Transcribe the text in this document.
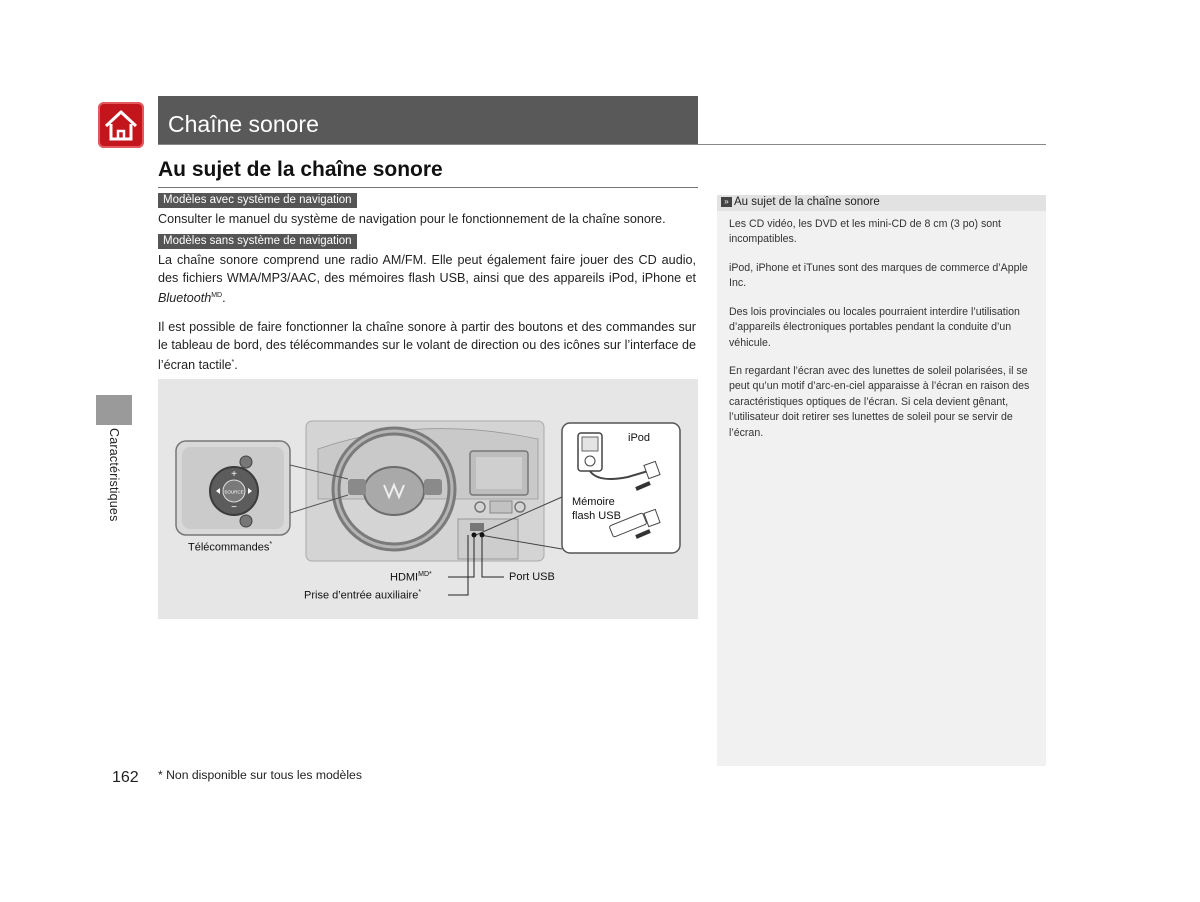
Chaîne sonore
Au sujet de la chaîne sonore
Modèles avec système de navigation
Consulter le manuel du système de navigation pour le fonctionnement de la chaîne sonore.
Modèles sans système de navigation
La chaîne sonore comprend une radio AM/FM. Elle peut également faire jouer des CD audio, des fichiers WMA/MP3/AAC, des mémoires flash USB, ainsi que des appareils iPod, iPhone et Bluetooth$^{MD}$.
Il est possible de faire fonctionner la chaîne sonore à partir des boutons et des commandes sur le tableau de bord, des télécommandes sur le volant de direction ou des icônes sur l’interface de l’écran tactile*.
Caractéristiques	SOURCE
+
−
Télécommandes*
iPod
Mémoire
flash USB
$HDMI^{MD*}$	Port USB
Prise d’entrée auxiliaire*
» Au sujet de la chaîne sonore
Les CD vidéo, les DVD et les mini-CD de 8 cm (3 po) sont incompatibles.
iPod, iPhone et iTunes sont des marques de commerce d’Apple Inc.
Des lois provinciales ou locales pourraient interdire l’utilisation d’appareils électroniques portables pendant la conduite d’un véhicule.
En regardant l’écran avec des lunettes de soleil polarisées, il se peut qu’un motif d’arc-en-ciel apparaisse à l’écran en raison des caractéristiques optiques de l’écran. Si cela devient gênant, l’utilisateur doit retirer ses lunettes de soleil pour se servir de l’écran.
162 * Non disponible sur tous les modèles
